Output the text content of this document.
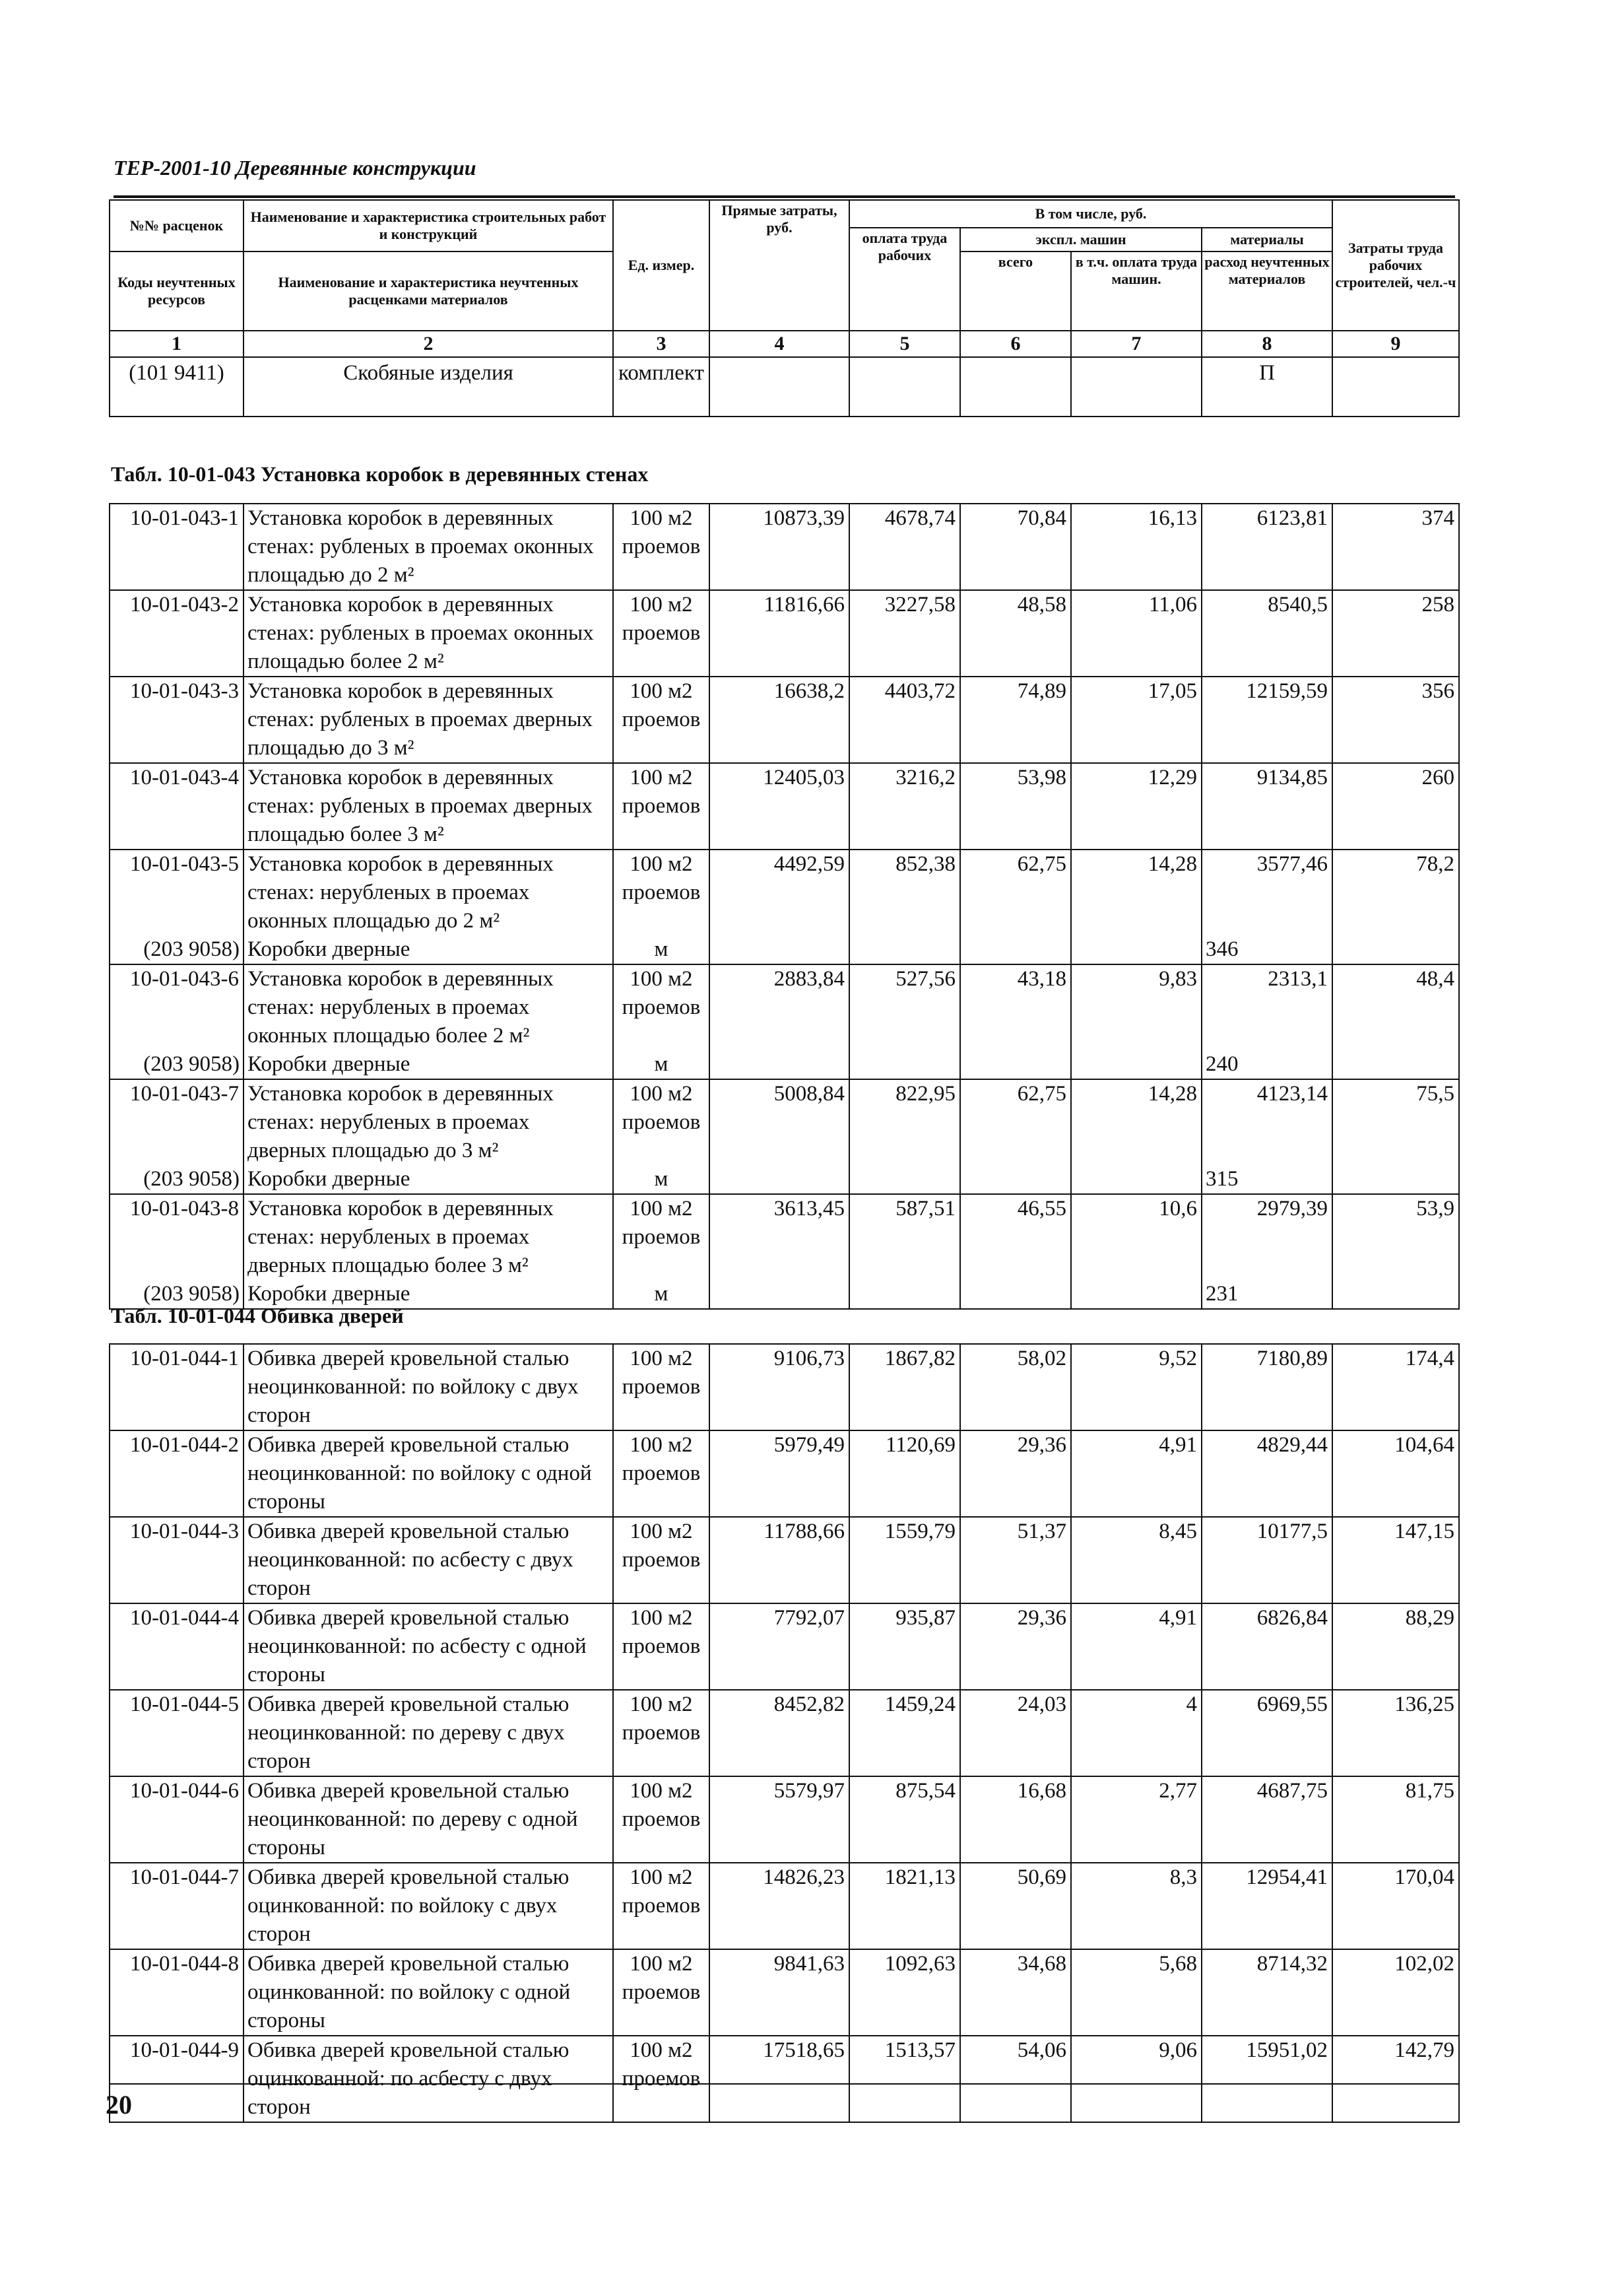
ТЕР-2001-10 Деревянные конструкции
№№ расценок	Наименование и характеристика строительных работ и конструкций	Ед. измер.	Прямые затраты, руб.	В том числе, руб.				Затраты труда рабочих строителей, чел.-ч
				оплата труда рабочих	экспл. машин		материалы	
Коды неучтенных ресурсов	Наименование и характеристика неучтенных расценками материалов				всего	в т.ч. оплата труда машин.	расход неучтенных материалов	

1	2	3	4	5	6	7	8	9
(101 9411)	Скобяные изделия	комплект					П	
Табл. 10-01-043 Установка коробок в деревянных стенах
10-01-043-1	Установка коробок в деревянных стенах: рубленых в проемах оконных площадью до 2 м²	100 м2 проемов	10873,39	4678,74	70,84	16,13	6123,81	374
10-01-043-2	Установка коробок в деревянных стенах: рубленых в проемах оконных площадью более 2 м²	100 м2 проемов	11816,66	3227,58	48,58	11,06	8540,5	258
10-01-043-3	Установка коробок в деревянных стенах: рубленых в проемах дверных площадью до 3 м²	100 м2 проемов	16638,2	4403,72	74,89	17,05	12159,59	356
10-01-043-4	Установка коробок в деревянных стенах: рубленых в проемах дверных площадью более 3 м²	100 м2 проемов	12405,03	3216,2	53,98	12,29	9134,85	260
10-01-043-5	Установка коробок в деревянных стенах: нерубленых в проемах оконных площадью до 2 м²	100 м2 проемов	4492,59	852,38	62,75	14,28	3577,46	78,2
(203 9058)	Коробки дверные	м					346	
10-01-043-6	Установка коробок в деревянных стенах: нерубленых в проемах оконных площадью более 2 м²	100 м2 проемов	2883,84	527,56	43,18	9,83	2313,1	48,4
(203 9058)	Коробки дверные	м					240	
10-01-043-7	Установка коробок в деревянных стенах: нерубленых в проемах дверных площадью до 3 м²	100 м2 проемов	5008,84	822,95	62,75	14,28	4123,14	75,5
(203 9058)	Коробки дверные	м					315	
10-01-043-8	Установка коробок в деревянных стенах: нерубленых в проемах дверных площадью более 3 м²	100 м2 проемов	3613,45	587,51	46,55	10,6	2979,39	53,9
(203 9058)	Коробки дверные	м					231	
Табл. 10-01-044 Обивка дверей
10-01-044-1	Обивка дверей кровельной сталью неоцинкованной: по войлоку с двух сторон	100 м2 проемов	9106,73	1867,82	58,02	9,52	7180,89	174,4
10-01-044-2	Обивка дверей кровельной сталью неоцинкованной: по войлоку с одной стороны	100 м2 проемов	5979,49	1120,69	29,36	4,91	4829,44	104,64
10-01-044-3	Обивка дверей кровельной сталью неоцинкованной: по асбесту с двух сторон	100 м2 проемов	11788,66	1559,79	51,37	8,45	10177,5	147,15
10-01-044-4	Обивка дверей кровельной сталью неоцинкованной: по асбесту с одной стороны	100 м2 проемов	7792,07	935,87	29,36	4,91	6826,84	88,29
10-01-044-5	Обивка дверей кровельной сталью неоцинкованной: по дереву с двух сторон	100 м2 проемов	8452,82	1459,24	24,03	4	6969,55	136,25
10-01-044-6	Обивка дверей кровельной сталью неоцинкованной: по дереву с одной стороны	100 м2 проемов	5579,97	875,54	16,68	2,77	4687,75	81,75
10-01-044-7	Обивка дверей кровельной сталью оцинкованной: по войлоку с двух сторон	100 м2 проемов	14826,23	1821,13	50,69	8,3	12954,41	170,04
10-01-044-8	Обивка дверей кровельной сталью оцинкованной: по войлоку с одной стороны	100 м2 проемов	9841,63	1092,63	34,68	5,68	8714,32	102,02
10-01-044-9	Обивка дверей кровельной сталью оцинкованной: по асбесту с двух сторон	100 м2 проемов	17518,65	1513,57	54,06	9,06	15951,02	142,79
20
